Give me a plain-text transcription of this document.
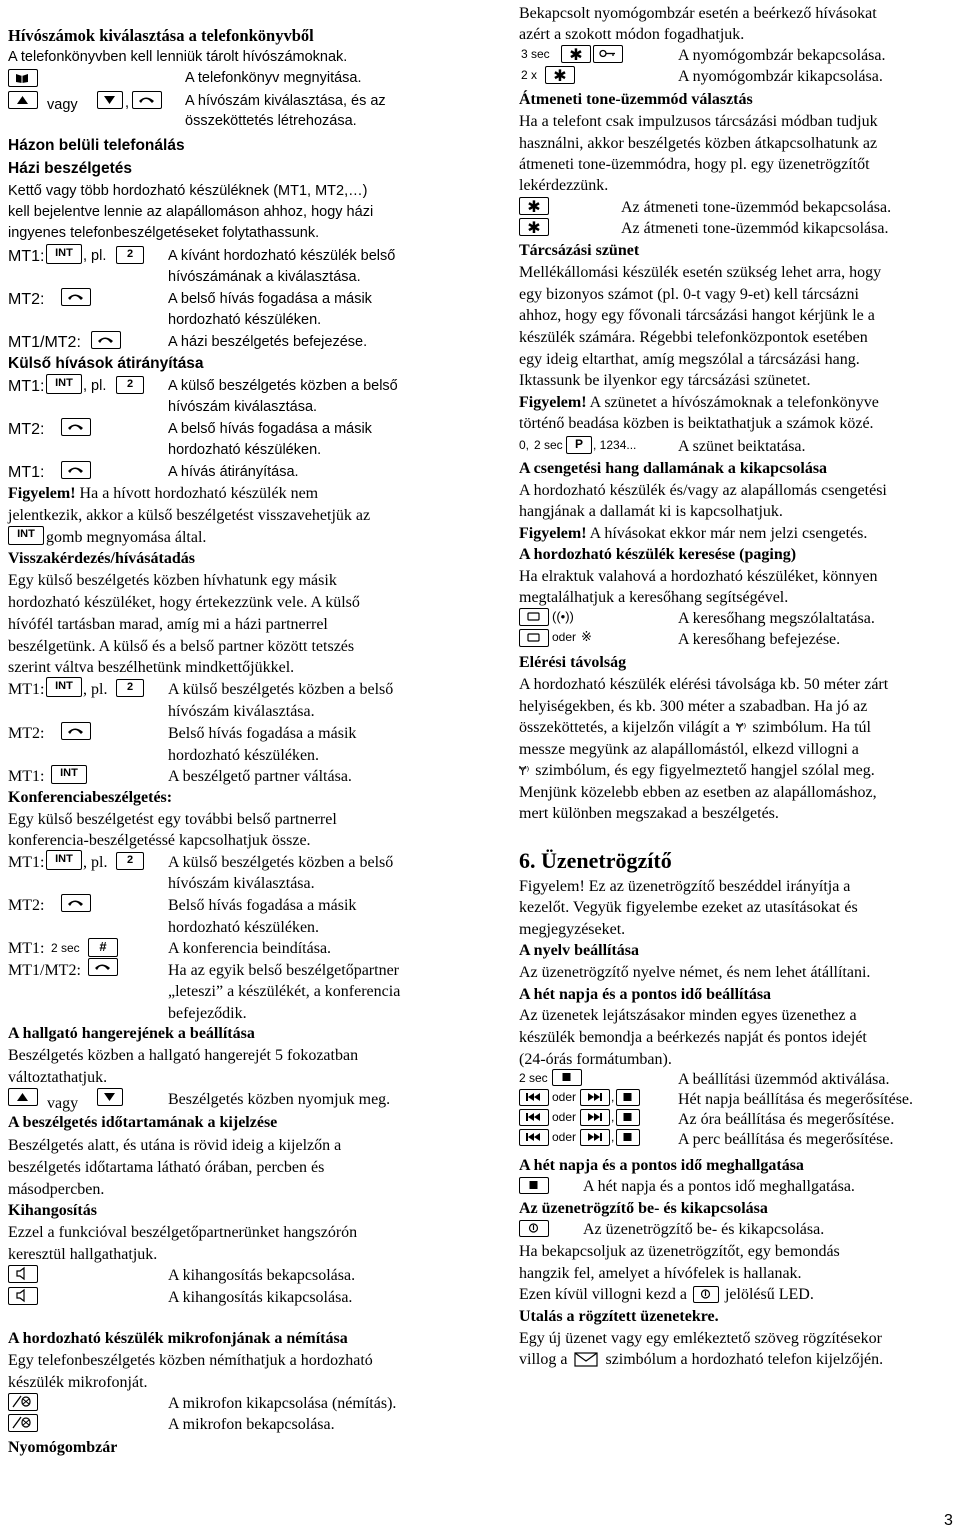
Hívószámok kiválasztása a telefonkönyvből
A telefonkönyvben kell lenniük tárolt hívószámoknak.
A telefonkönyv megnyitása.
vagy	,	A hívószám kiválasztása, és az
összeköttetés létrehozása.
Házon belüli telefonálás
Házi beszélgetés
Kettő vagy több hordozható készüléknek (MT1, MT2,…)
kell bejelentve lennie az alapállomáson ahhoz, hogy házi
ingyenes telefonbeszélgetéseket folytathassunk.
MT1: INT , pl.	2	A kívánt hordozható készülék belső
hívószámának a kiválasztása.
MT2:	A belső hívás fogadása a másik
hordozható készüléken.
MT1/MT2:	A házi beszélgetés befejezése.
Külső hívások átirányítása
MT1: INT , pl.	2	A külső beszélgetés közben a belső
hívószám kiválasztása.
MT2:	A belső hívás fogadása a másik
hordozható készüléken.
MT1:	A hívás átirányítása.
Figyelem! Ha a hívott hordozható készülék nem
jelentkezik, akkor a külső beszélgetést visszavehetjük az
INT gomb megnyomása által.
Visszakérdezés/hívásátadás
Egy külső beszélgetés közben hívhatunk egy másik
hordozható készüléket, hogy értekezzünk vele. A külső
hívófél tartásban marad, amíg mi a házi partnerrel
beszélgetünk. A külső és a belső partner között tetszés
szerint váltva beszélhetünk mindkettőjükkel.
MT1: INT , pl.	2	A külső beszélgetés közben a belső
hívószám kiválasztása.
MT2:	Belső hívás fogadása a másik
hordozható készüléken.
MT1:	INT	A beszélgető partner váltása.
Konferenciabeszélgetés:
Egy külső beszélgetést egy további belső partnerrel
konferencia-beszélgetéssé kapcsolhatjuk össze.
MT1: INT , pl.	2	A külső beszélgetés közben a belső
hívószám kiválasztása.
MT2:	Belső hívás fogadása a másik
hordozható készüléken.
MT1: 2 sec	#	A konferencia beindítása.
MT1/MT2:	Ha az egyik belső beszélgetőpartner
„leteszi” a készülékét, a konferencia
befejeződik.
A hallgató hangerejének a beállítása
Beszélgetés közben a hallgató hangerejét 5 fokozatban
változtathatjuk.
vagy	Beszélgetés közben nyomjuk meg.
A beszélgetés időtartamának a kijelzése
Beszélgetés alatt, és utána is rövid ideig a kijelzőn a
beszélgetés időtartama látható órában, percben és
másodpercben.
Kihangosítás
Ezzel a funkcióval beszélgetőpartnerünket hangszórón
keresztül hallgathatjuk.
A kihangosítás bekapcsolása.
A kihangosítás kikapcsolása.
A hordozható készülék mikrofonjának a némítása
Egy telefonbeszélgetés közben némíthatjuk a hordozható
készülék mikrofonját.
A mikrofon kikapcsolása (némítás).
A mikrofon bekapcsolása.
Nyomógombzár
Bekapcsolt nyomógombzár esetén a beérkező hívásokat
azért a szokott módon fogadhatjuk.
3 sec	✱	A nyomógombzár bekapcsolása.
2 x	✱	A nyomógombzár kikapcsolása.
Átmeneti tone-üzemmód választás
Ha a telefont csak impulzusos tárcsázási módban tudjuk
használni, akkor beszélgetés közben átkapcsolhatunk az
átmeneti tone-üzemmódra, hogy pl. egy üzenetrögzítőt
lekérdezzünk.
✱	Az átmeneti tone-üzemmód bekapcsolása.
✱	Az átmeneti tone-üzemmód kikapcsolása.
Tárcsázási szünet
Mellékállomási készülék esetén szükség lehet arra, hogy
egy bizonyos számot (pl. 0-t vagy 9-et) kell tárcsázni
ahhoz, hogy egy fővonali tárcsázási hangot kérjünk le a
készülék számára. Régebbi telefonközpontok esetében
egy ideig eltarthat, amíg megszólal a tárcsázási hang.
Iktassunk be ilyenkor egy tárcsázási szünetet.
Figyelem! A szünetet a hívószámoknak a telefonkönyve
történő beadása közben is beiktathatjuk a számok közé.
0, 2 sec	P , 1234...	A szünet beiktatása.
A csengetési hang dallamának a kikapcsolása
A hordozható készülék és/vagy az alapállomás csengetési
hangjának a dallamát ki is kapcsolhatjuk.
Figyelem! A hívásokat ekkor már nem jelzi csengetés.
A hordozható készülék keresése (paging)
Ha elraktuk valahová a hordozható készüléket, könnyen
megtalálhatjuk a keresőhang segítségével.
((•))	A keresőhang megszólaltatása.
oder ※	A keresőhang befejezése.
Elérési távolság
A hordozható készülék elérési távolsága kb. 50 méter zárt
helyiségekben, és kb. 300 méter a szabadban. Ha jó az
összeköttetés, a kijelzőn világít a Ɏ⁾ szimbólum. Ha túl
messze megyünk az alapállomástól, elkezd villogni a
Ɏ⁾ szimbólum, és egy figyelmeztető hangjel szólal meg.
Menjünk közelebb ebben az esetben az alapállomáshoz,
mert különben megszakad a beszélgetés.
6. Üzenetrögzítő
Figyelem! Ez az üzenetrögzítő beszéddel irányítja a
kezelőt. Vegyük figyelembe ezeket az utasításokat és
megjegyzéseket.
A nyelv beállítása
Az üzenetrögzítő nyelve német, és nem lehet átállítani.
A hét napja és a pontos idő beállítása
Az üzenetek lejátszásakor minden egyes üzenethez a
készülék bemondja a beérkezés napját és pontos idejét
(24-órás formátumban).
2 sec	A beállítási üzemmód aktiválása.
oder	,	Hét napja beállítása és megerősítése.
oder	,	Az óra beállítása és megerősítése.
oder	,	A perc beállítása és megerősítése.
A hét napja és a pontos idő meghallgatása
A hét napja és a pontos idő meghallgatása.
Az üzenetrögzítő be- és kikapcsolása
Az üzenetrögzítő be- és kikapcsolása.
Ha bekapcsoljuk az üzenetrögzítőt, egy bemondás
hangzik fel, amelyet a hívófelek is hallanak.
Ezen kívül villogni kezd a jelölésű LED.
Utalás a rögzített üzenetekre.
Egy új üzenet vagy egy emlékeztető szöveg rögzítésekor
villog a szimbólum a hordozható telefon kijelzőjén.
3
